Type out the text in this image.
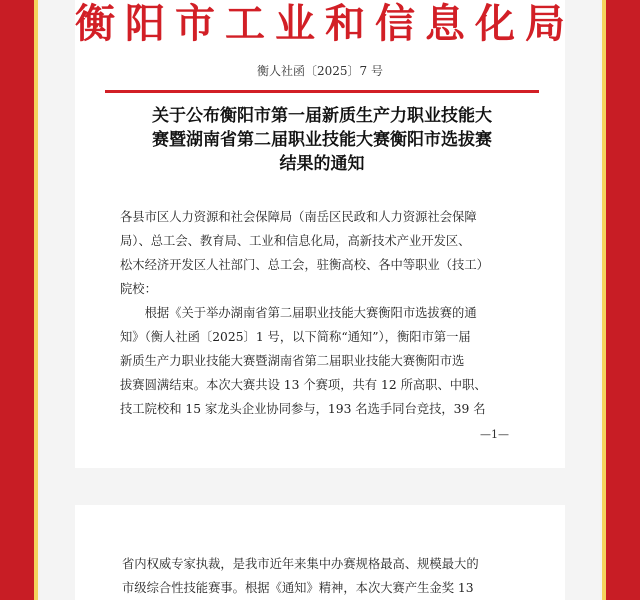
衡阳市工业和信息化局
衡人社函〔2025〕7 号
关于公布衡阳市第一届新质生产力职业技能大
赛暨湖南省第二届职业技能大赛衡阳市选拔赛
结果的通知
各县市区人力资源和社会保障局（南岳区民政和人力资源社会保障
局）、总工会、教育局、工业和信息化局，高新技术产业开发区、
松木经济开发区人社部门、总工会，驻衡高校、各中等职业（技工）
院校：
　　根据《关于举办湖南省第二届职业技能大赛衡阳市选拔赛的通
知》（衡人社函〔2025〕1 号，以下简称“通知”），衡阳市第一届
新质生产力职业技能大赛暨湖南省第二届职业技能大赛衡阳市选
拔赛圆满结束。本次大赛共设 13 个赛项，共有 12 所高职、中职、
技工院校和 15 家龙头企业协同参与，193 名选手同台竞技，39 名
—1—
省内权威专家执裁，是我市近年来集中办赛规格最高、规模最大的
市级综合性技能赛事。根据《通知》精神，本次大赛产生金奖 13
